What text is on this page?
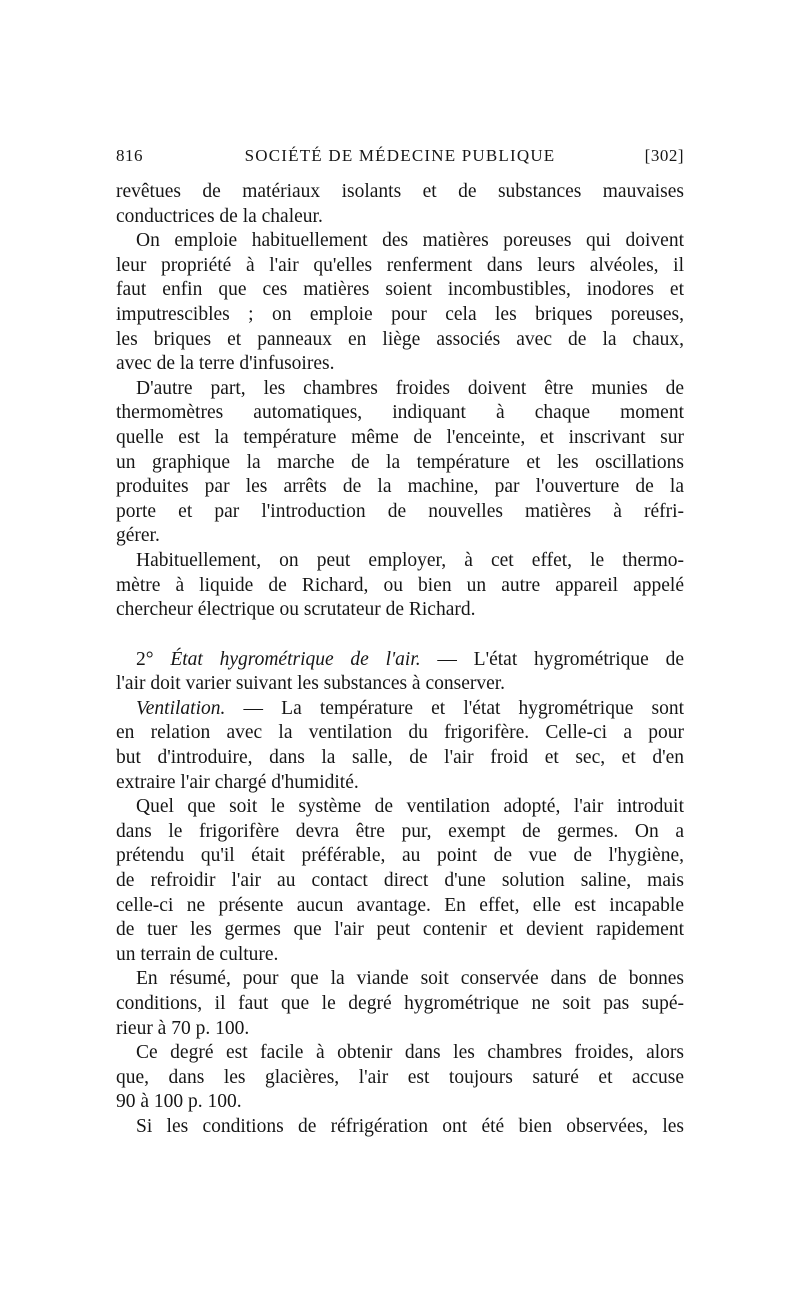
816	SOCIÉTÉ DE MÉDECINE PUBLIQUE	[302]
revêtues de matériaux isolants et de substances mauvaises
conductrices de la chaleur.
On emploie habituellement des matières poreuses qui doivent
leur propriété à l'air qu'elles renferment dans leurs alvéoles, il
faut enfin que ces matières soient incombustibles, inodores et
imputrescibles ; on emploie pour cela les briques poreuses,
les briques et panneaux en liège associés avec de la chaux,
avec de la terre d'infusoires.
D'autre part, les chambres froides doivent être munies de
thermomètres automatiques, indiquant à chaque moment
quelle est la température même de l'enceinte, et inscrivant sur
un graphique la marche de la température et les oscillations
produites par les arrêts de la machine, par l'ouverture de la
porte et par l'introduction de nouvelles matières à réfri-
gérer.
Habituellement, on peut employer, à cet effet, le thermo-
mètre à liquide de Richard, ou bien un autre appareil appelé
chercheur électrique ou scrutateur de Richard.
2° État hygrométrique de l'air. — L'état hygrométrique de
l'air doit varier suivant les substances à conserver.
Ventilation. — La température et l'état hygrométrique sont
en relation avec la ventilation du frigorifère. Celle-ci a pour
but d'introduire, dans la salle, de l'air froid et sec, et d'en
extraire l'air chargé d'humidité.
Quel que soit le système de ventilation adopté, l'air introduit
dans le frigorifère devra être pur, exempt de germes. On a
prétendu qu'il était préférable, au point de vue de l'hygiène,
de refroidir l'air au contact direct d'une solution saline, mais
celle-ci ne présente aucun avantage. En effet, elle est incapable
de tuer les germes que l'air peut contenir et devient rapidement
un terrain de culture.
En résumé, pour que la viande soit conservée dans de bonnes
conditions, il faut que le degré hygrométrique ne soit pas supé-
rieur à 70 p. 100.
Ce degré est facile à obtenir dans les chambres froides, alors
que, dans les glacières, l'air est toujours saturé et accuse
90 à 100 p. 100.
Si les conditions de réfrigération ont été bien observées, les
